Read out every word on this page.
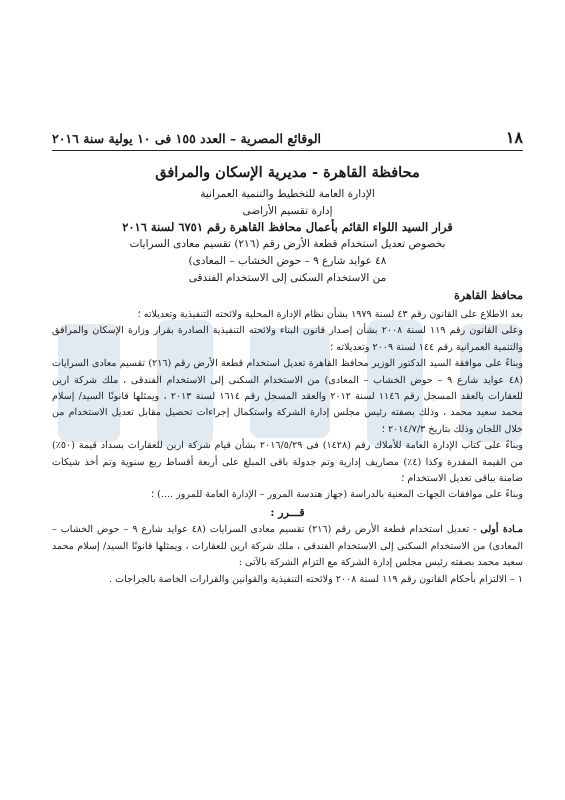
١٨
الوقائع المصرية – العدد ١٥٥ فى ١٠ يولية سنة ٢٠١٦
محافظة القاهرة - مديرية الإسكان والمرافق
الإدارة العامة للتخطيط والتنمية العمرانية
إدارة تقسيم الأراضى
قرار السيد اللواء القائم بأعمال محافظ القاهرة رقم ٦٧٥١ لسنة ٢٠١٦
بخصوص تعديل استخدام قطعة الأرض رقم (٢١٦) تقسيم معادى السرايات
٤٨ عوايد شارع ٩ – حوض الخشاب – المعادى)
من الاستخدام السكنى إلى الاستخدام الفندقى
محافظ القاهرة

بعد الاطلاع على القانون رقم ٤٣ لسنة ١٩٧٩ بشأن نظام الإدارة المحلية ولائحته التنفيذية وتعديلاته ؛

وعلى القانون رقم ١١٩ لسنة ٢٠٠٨ بشأن إصدار قانون البناء ولائحته التنفيذية الصادرة بقرار وزارة الإسكان والمرافق والتنمية العمرانية رقم ١٤٤ لسنة ٢٠٠٩ وتعديلاته ؛

وبناءً على موافقة السيد الدكتور الوزير محافظ القاهرة تعديل استخدام قطعة الأرض رقم (٢١٦) تقسيم معادى السرايات (٤٨ عوايد شارع ٩ – حوض الخشاب – المعادى) من الاستخدام السكنى إلى الاستخدام الفندقى ، ملك شركة ارين للعقارات بالعقد المسجل رقم ١١٤٦ لسنة ٢٠١٢ والعقد المسجل رقم ١٦١٤ لسنة ٢٠١٣ ، ويمثلها قانونًا السيد/ إسلام محمد سعيد محمد ، وذلك بصفته رئيس مجلس إدارة الشركة واستكمال إجراءات تحصيل مقابل تعديل الاستخدام من خلال اللجان وذلك بتاريخ ٢٠١٤/٧/٣ ؛

وبناءً على كتاب الإدارة العامة للأملاك رقم (١٤٢٨) فى ٢٠١٦/٥/٢٩ بشأن قيام شركة ارين للعقارات بسداد قيمة (٥٠٪) من القيمة المقدرة وكذا (٤٪) مصاريف إدارية وتم جدولة باقى المبلغ على أربعة أقساط ربع سنوية وتم أخذ شيكات ضامنة بباقى تعديل الاستخدام ؛

وبناءً على موافقات الجهات المعنية بالدراسة (جهاز هندسة المرور – الإدارة العامة للمرور ....) ؛

قـــرر :

مـادة أولى - تعديل استخدام قطعة الأرض رقم (٢١٦) تقسيم معادى السرايات (٤٨ عوايد شارع ٩ – حوض الخشاب – المعادى) من الاستخدام السكنى إلى الاستخدام الفندقى ، ملك شركة ارين للعقارات ، ويمثلها قانونًا السيد/ إسلام محمد سعيد محمد بصفته رئيس مجلس إدارة الشركة مع التزام الشركة بالآتى :

١ – الالتزام بأحكام القانون رقم ١١٩ لسنة ٢٠٠٨ ولائحته التنفيذية والقوانين والقرارات الخاصة بالجراجات .
